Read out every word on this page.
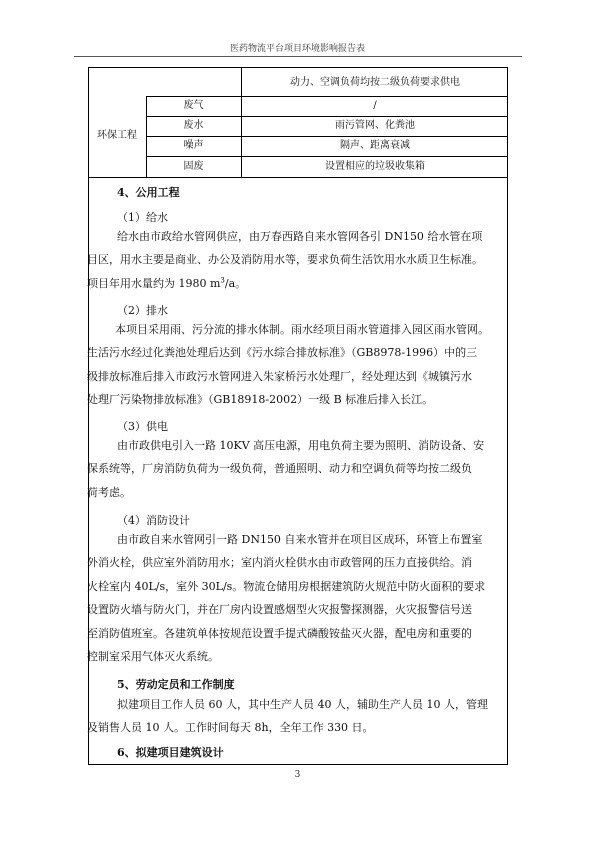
医药物流平台项目环境影响报告表
动力、空调负荷均按二级负荷要求供电
环保工程
废气	/
废水	雨污管网、化粪池
噪声	隔声、距离衰减
固废	设置相应的垃圾收集箱
4、公用工程
（1）给水
给水由市政给水管网供应，由万春西路自来水管网各引 DN150 给水管在项
目区，用水主要是商业、办公及消防用水等，要求负荷生活饮用水水质卫生标准。
项目年用水量约为 1980 $m^3/a$。
（2）排水
本项目采用雨、污分流的排水体制。雨水经项目雨水管道排入园区雨水管网。
生活污水经过化粪池处理后达到《污水综合排放标准》（GB8978-1996）中的三
级排放标准后排入市政污水管网进入朱家桥污水处理厂，经处理达到《城镇污水
处理厂污染物排放标准》（GB18918-2002）一级 B 标准后排入长江。
（3）供电
由市政供电引入一路 10KV 高压电源，用电负荷主要为照明、消防设备、安
保系统等，厂房消防负荷为一级负荷，普通照明、动力和空调负荷等均按二级负
荷考虑。
（4）消防设计
由市政自来水管网引一路 DN150 自来水管并在项目区成环，环管上布置室
外消火栓，供应室外消防用水；室内消火栓供水由市政管网的压力直接供给。消
火栓室内 40L/s，室外 30L/s。物流仓储用房根据建筑防火规范中防火面积的要求
设置防火墙与防火门，并在厂房内设置感烟型火灾报警探测器，火灾报警信号送
至消防值班室。各建筑单体按规范设置手提式磷酸铵盐灭火器，配电房和重要的
控制室采用气体灭火系统。
5、劳动定员和工作制度
拟建项目工作人员 60 人，其中生产人员 40 人，辅助生产人员 10 人，管理
及销售人员 10 人。工作时间每天 8h，全年工作 330 日。
6、拟建项目建筑设计
3
